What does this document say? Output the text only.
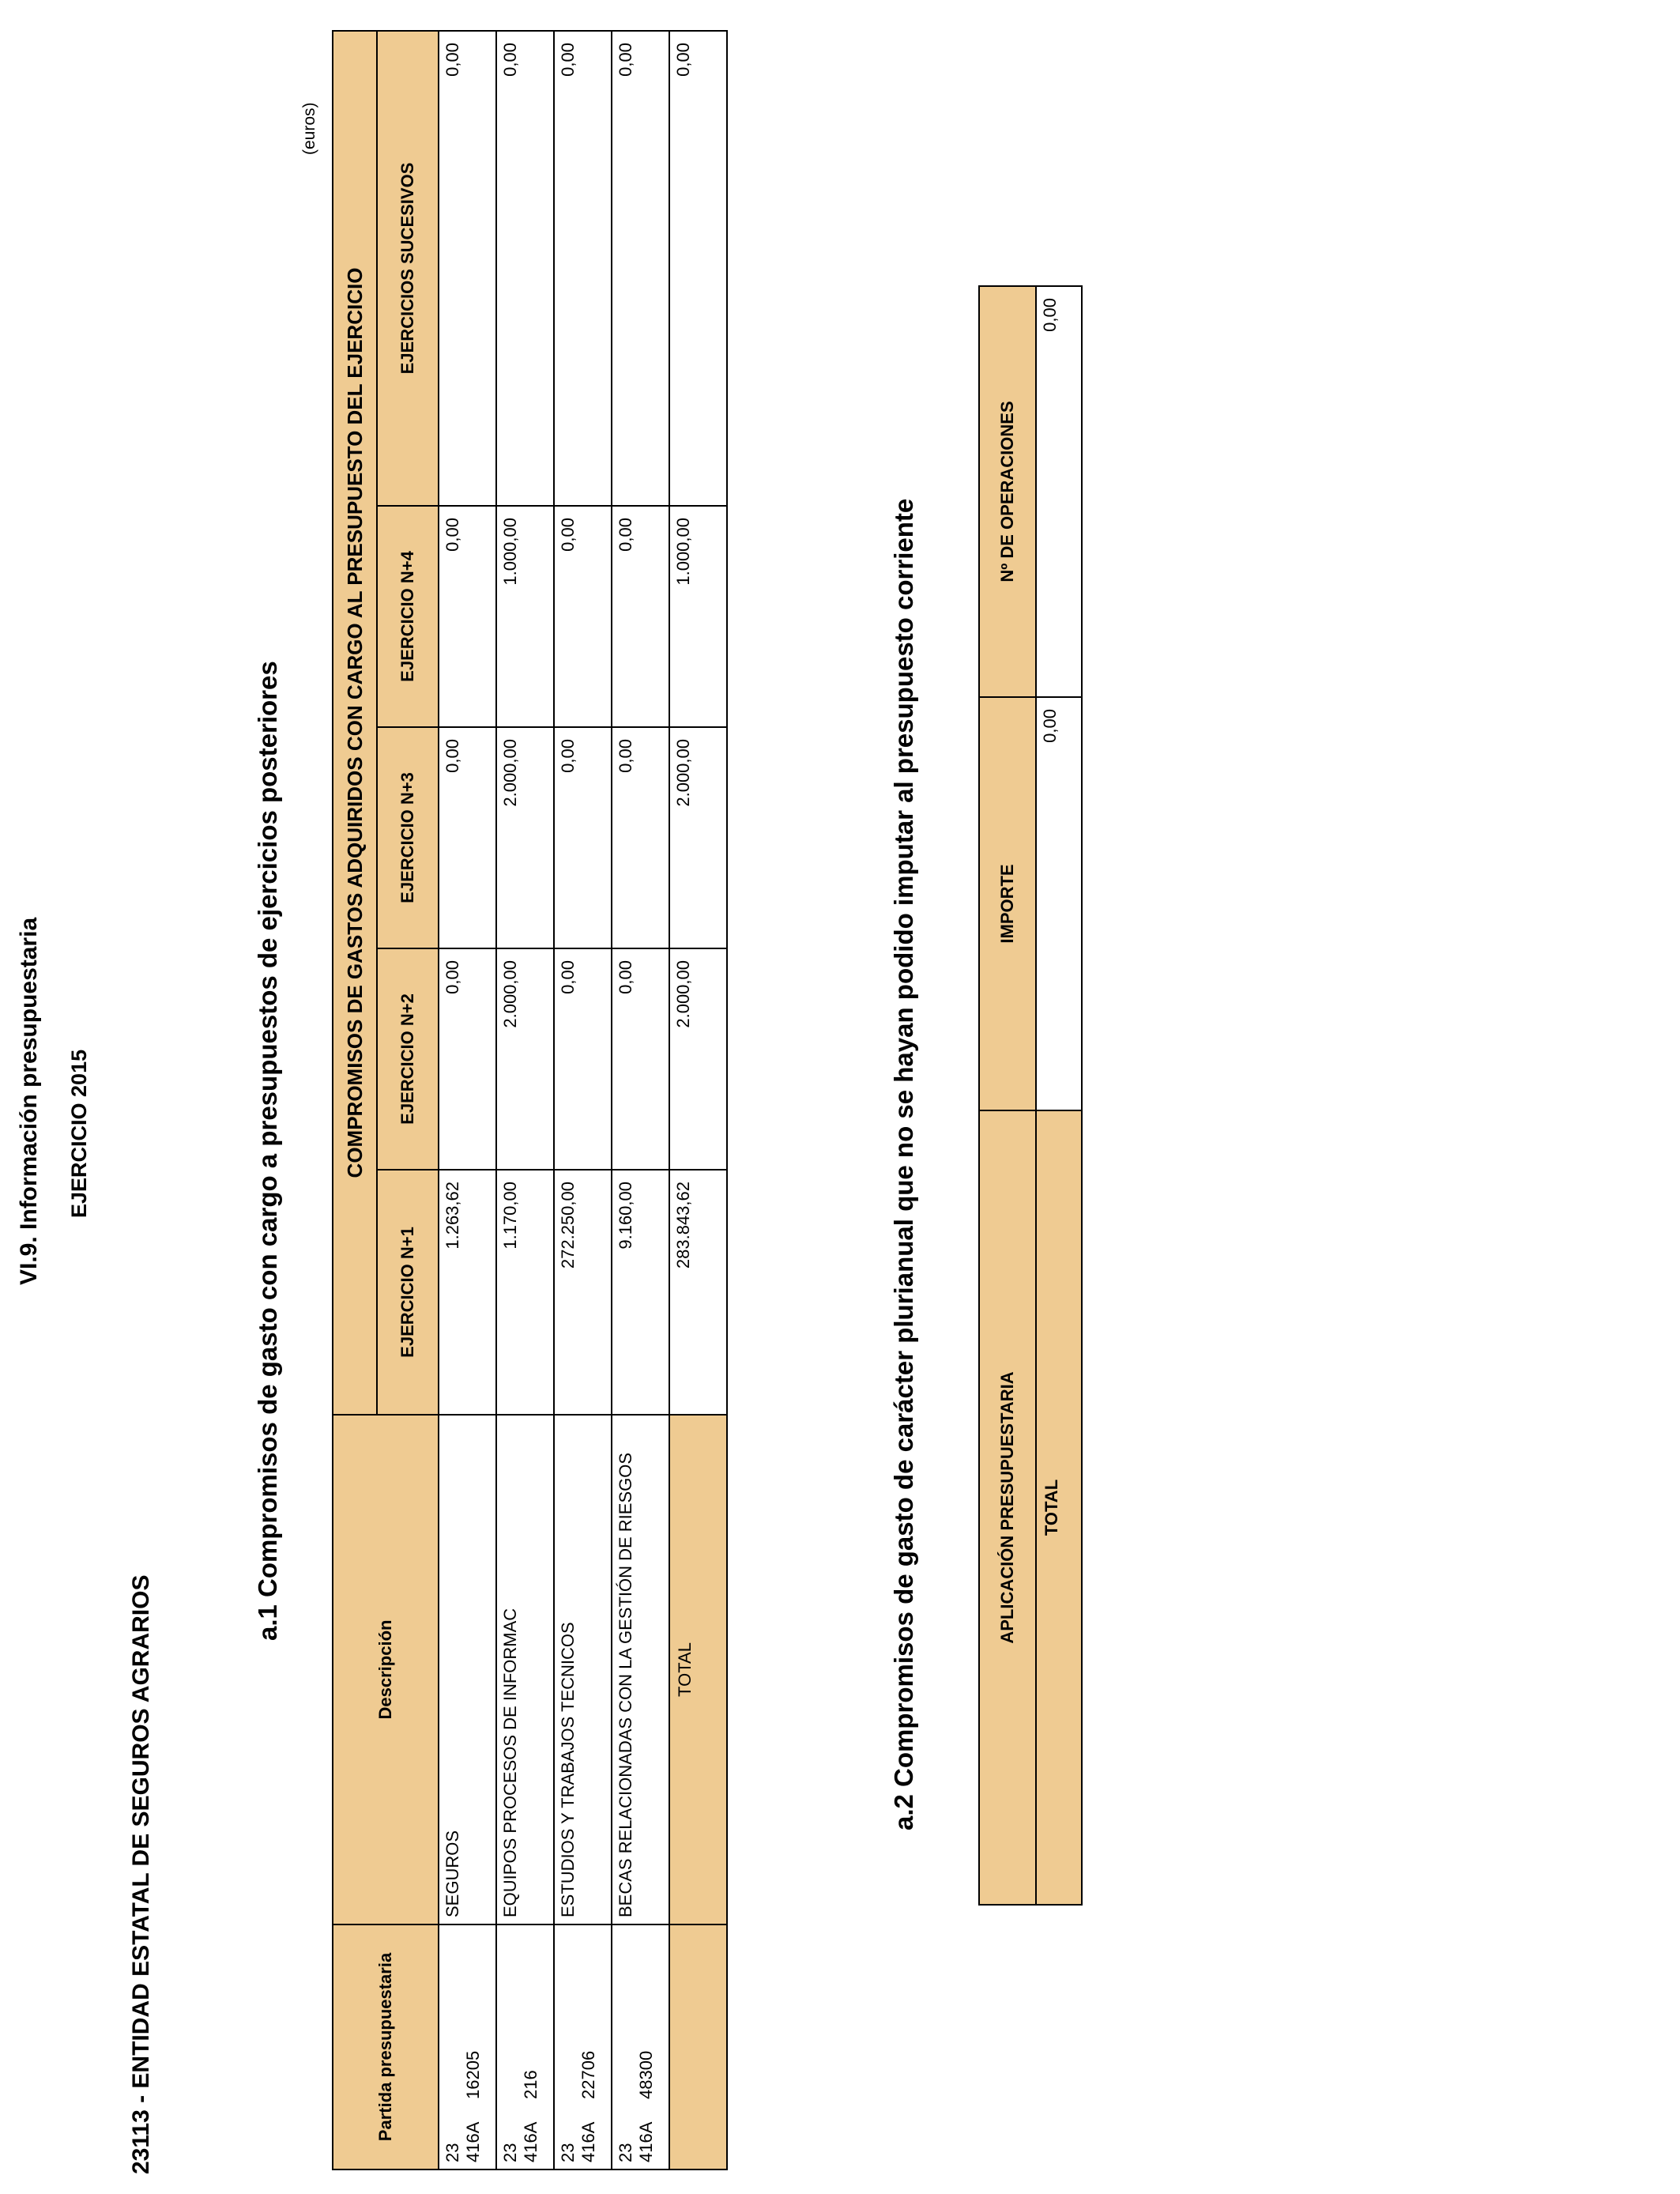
VI.9. Información presupuestaria EJERCICIO 2015
23113 - ENTIDAD ESTATAL DE SEGUROS AGRARIOS
a.1 Compromisos de gasto con cargo a presupuestos de ejercicios posteriores
(euros)
Partida presupuestaria	Descripción	COMPROMISOS DE GASTOS ADQUIRIDOS CON CARGO AL PRESUPUESTO DEL EJERCICIO				
		EJERCICIO N+1	EJERCICIO N+2	EJERCICIO N+3	EJERCICIO N+4	EJERCICIOS SUCESIVOS
23 416A16205	SEGUROS	1.263,62	0,00	0,00	0,00	0,00
23 416A216	EQUIPOS PROCESOS DE INFORMAC	1.170,00	2.000,00	2.000,00	1.000,00	0,00
23 416A22706	ESTUDIOS Y TRABAJOS TECNICOS	272.250,00	0,00	0,00	0,00	0,00
23 416A48300	BECAS RELACIONADAS CON LA GESTIÓN DE RIESGOS	9.160,00	0,00	0,00	0,00	0,00
	TOTAL	283.843,62	2.000,00	2.000,00	1.000,00	0,00
a.2 Compromisos de gasto de carácter plurianual que no se hayan podido imputar al presupuesto corriente	APLICACIÓN PRESUPUESTARIA	IMPORTE	Nº DE OPERACIONES
TOTAL	0,00	0,00
